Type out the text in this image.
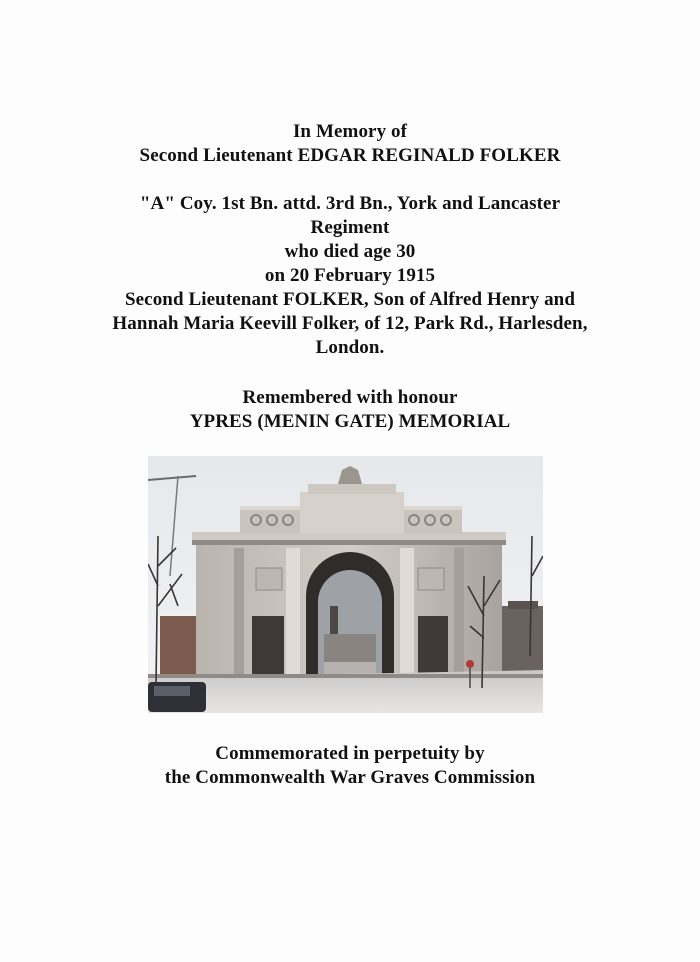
In Memory of
Second Lieutenant EDGAR REGINALD FOLKER
"A" Coy. 1st Bn. attd. 3rd Bn., York and Lancaster
Regiment
who died age 30
on 20 February 1915
Second Lieutenant FOLKER, Son of Alfred Henry and
Hannah Maria Keevill Folker, of 12, Park Rd., Harlesden,
London.
Remembered with honour
YPRES (MENIN GATE) MEMORIAL
Commemorated in perpetuity by
the Commonwealth War Graves Commission
